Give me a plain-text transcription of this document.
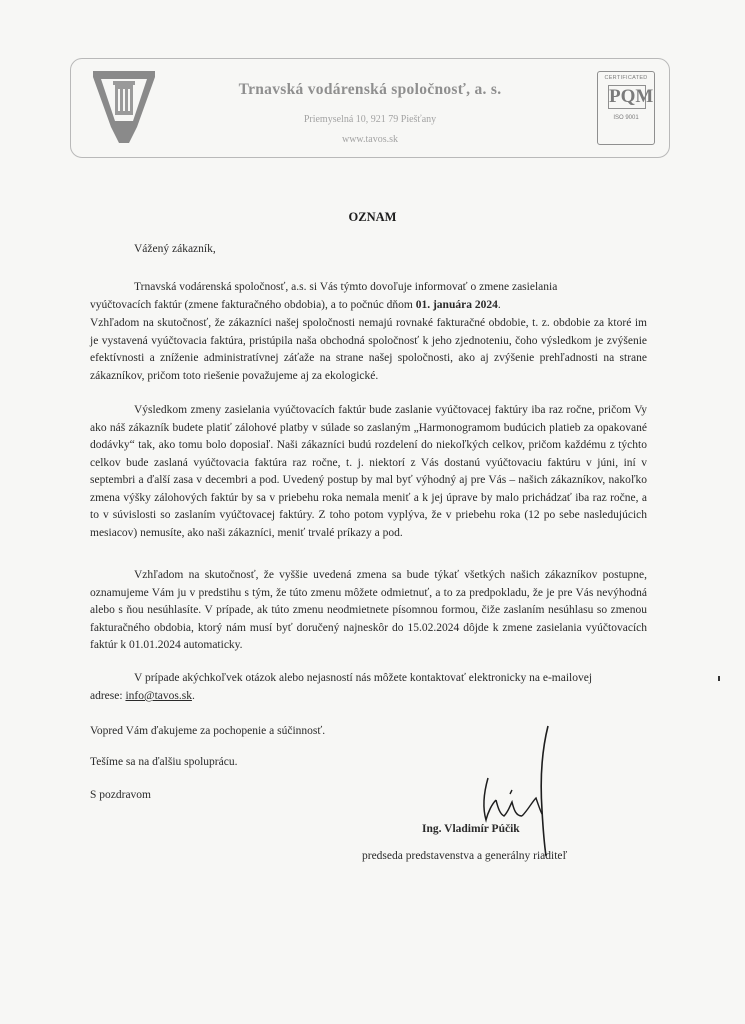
Trnavská vodárenská spoločnosť, a. s.
Priemyselná 10, 921 79 Piešťany
www.tavos.sk
CERTIFICATED
PQM
ISO 9001
OZNAM
Vážený zákazník,
Trnavská vodárenská spoločnosť, a.s. si Vás týmto dovoľuje informovať o zmene zasielania
vyúčtovacích faktúr (zmene fakturačného obdobia), a to počnúc dňom 01. januára 2024.
Vzhľadom na skutočnosť, že zákazníci našej spoločnosti nemajú rovnaké fakturačné obdobie, t. z. obdobie za ktoré im je vystavená vyúčtovacia faktúra, pristúpila naša obchodná spoločnosť k jeho zjednoteniu, čoho výsledkom je zvýšenie efektívnosti a zníženie administratívnej záťaže na strane našej spoločnosti, ako aj zvýšenie prehľadnosti na strane zákazníkov, pričom toto riešenie považujeme aj za ekologické.
Výsledkom zmeny zasielania vyúčtovacích faktúr bude zaslanie vyúčtovacej faktúry iba raz ročne, pričom Vy ako náš zákazník budete platiť zálohové platby v súlade so zaslaným „Harmonogramom budúcich platieb za opakované dodávky“ tak, ako tomu bolo doposiaľ. Naši zákazníci budú rozdelení do niekoľkých celkov, pričom každému z týchto celkov bude zaslaná vyúčtovacia faktúra raz ročne, t. j. niektorí z Vás dostanú vyúčtovaciu faktúru v júni, iní v septembri a ďalší zasa v decembri a pod. Uvedený postup by mal byť výhodný aj pre Vás – našich zákazníkov, nakoľko zmena výšky zálohových faktúr by sa v priebehu roka nemala meniť a k jej úprave by malo prichádzať iba raz ročne, a to v súvislosti so zaslaním vyúčtovacej faktúry. Z toho potom vyplýva, že v priebehu roka (12 po sebe nasledujúcich mesiacov) nemusíte, ako naši zákazníci, meniť trvalé príkazy a pod.
Vzhľadom na skutočnosť, že vyššie uvedená zmena sa bude týkať všetkých našich zákazníkov postupne, oznamujeme Vám ju v predstihu s tým, že túto zmenu môžete odmietnuť, a to za predpokladu, že je pre Vás nevýhodná alebo s ňou nesúhlasíte. V prípade, ak túto zmenu neodmietnete písomnou formou, čiže zaslaním nesúhlasu so zmenou fakturačného obdobia, ktorý nám musí byť doručený najneskôr do 15.02.2024 dôjde k zmene zasielania vyúčtovacích faktúr k 01.01.2024 automaticky.
V prípade akýchkoľvek otázok alebo nejasností nás môžete kontaktovať elektronicky na e-mailovej
adrese: info@tavos.sk.
Vopred Vám ďakujeme za pochopenie a súčinnosť.
Tešíme sa na ďalšiu spoluprácu.
S pozdravom
Ing. Vladimír Púčik
predseda predstavenstva a generálny riaditeľ
